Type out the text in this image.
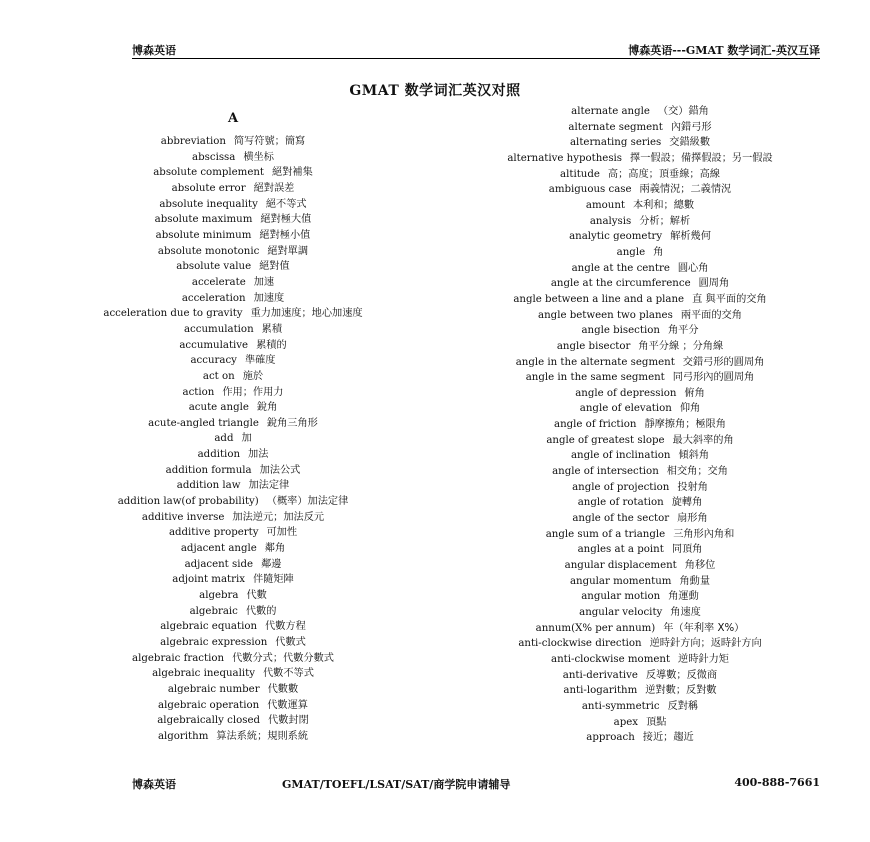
博森英语	博森英语---GMAT 数学词汇-英汉互译
GMAT 数学词汇英汉对照
A
abbreviation 简写符號；簡寫
abscissa 横坐标
absolute complement 絕對補集
absolute error 絕對誤差
absolute inequality 絕不等式
absolute maximum 絕對極大值
absolute minimum 絕對極小值
absolute monotonic 絕對單調
absolute value 絕對值
accelerate 加速
acceleration 加速度
acceleration due to gravity 重力加速度；地心加速度
accumulation 累積
accumulative 累積的
accuracy 準確度
act on 施於
action 作用；作用力
acute angle 銳角
acute-angled triangle 銳角三角形
add 加
addition 加法
addition formula 加法公式
addition law 加法定律
addition law(of probability) （概率）加法定律
additive inverse 加法逆元；加法反元
additive property 可加性
adjacent angle 鄰角
adjacent side 鄰邊
adjoint matrix 伴隨矩陣
algebra 代數
algebraic 代數的
algebraic equation 代數方程
algebraic expression 代數式
algebraic fraction 代數分式；代數分數式
algebraic inequality 代數不等式
algebraic number 代數數
algebraic operation 代數運算
algebraically closed 代數封閉
algorithm 算法系統；規則系統
alternate angle （交）錯角
alternate segment 內錯弓形
alternating series 交錯級數
alternative hypothesis 擇一假設；備擇假設；另一假設
altitude 高；高度；頂垂線；高線
ambiguous case 兩義情況；二義情況
amount 本利和；總數
analysis 分析；解析
analytic geometry 解析幾何
angle 角
angle at the centre 圓心角
angle at the circumference 圓周角
angle between a line and a plane 直 與平面的交角
angle between two planes 兩平面的交角
angle bisection 角平分
angle bisector 角平分線 ；分角線
angle in the alternate segment 交錯弓形的圓周角
angle in the same segment 同弓形內的圓周角
angle of depression 俯角
angle of elevation 仰角
angle of friction 靜摩擦角；極限角
angle of greatest slope 最大斜率的角
angle of inclination 傾斜角
angle of intersection 相交角；交角
angle of projection 投射角
angle of rotation 旋轉角
angle of the sector 扇形角
angle sum of a triangle 三角形內角和
angles at a point 同頂角
angular displacement 角移位
angular momentum 角動量
angular motion 角運動
angular velocity 角速度
annum(X% per annum) 年（年利率 X%）
anti-clockwise direction 逆時針方向；返時針方向
anti-clockwise moment 逆時針力矩
anti-derivative 反導數；反微商
anti-logarithm 逆對數；反對數
anti-symmetric 反對稱
apex 頂點
approach 接近；趨近
博森英语	GMAT/TOEFL/LSAT/SAT/商学院申请辅导	400-888-7661
